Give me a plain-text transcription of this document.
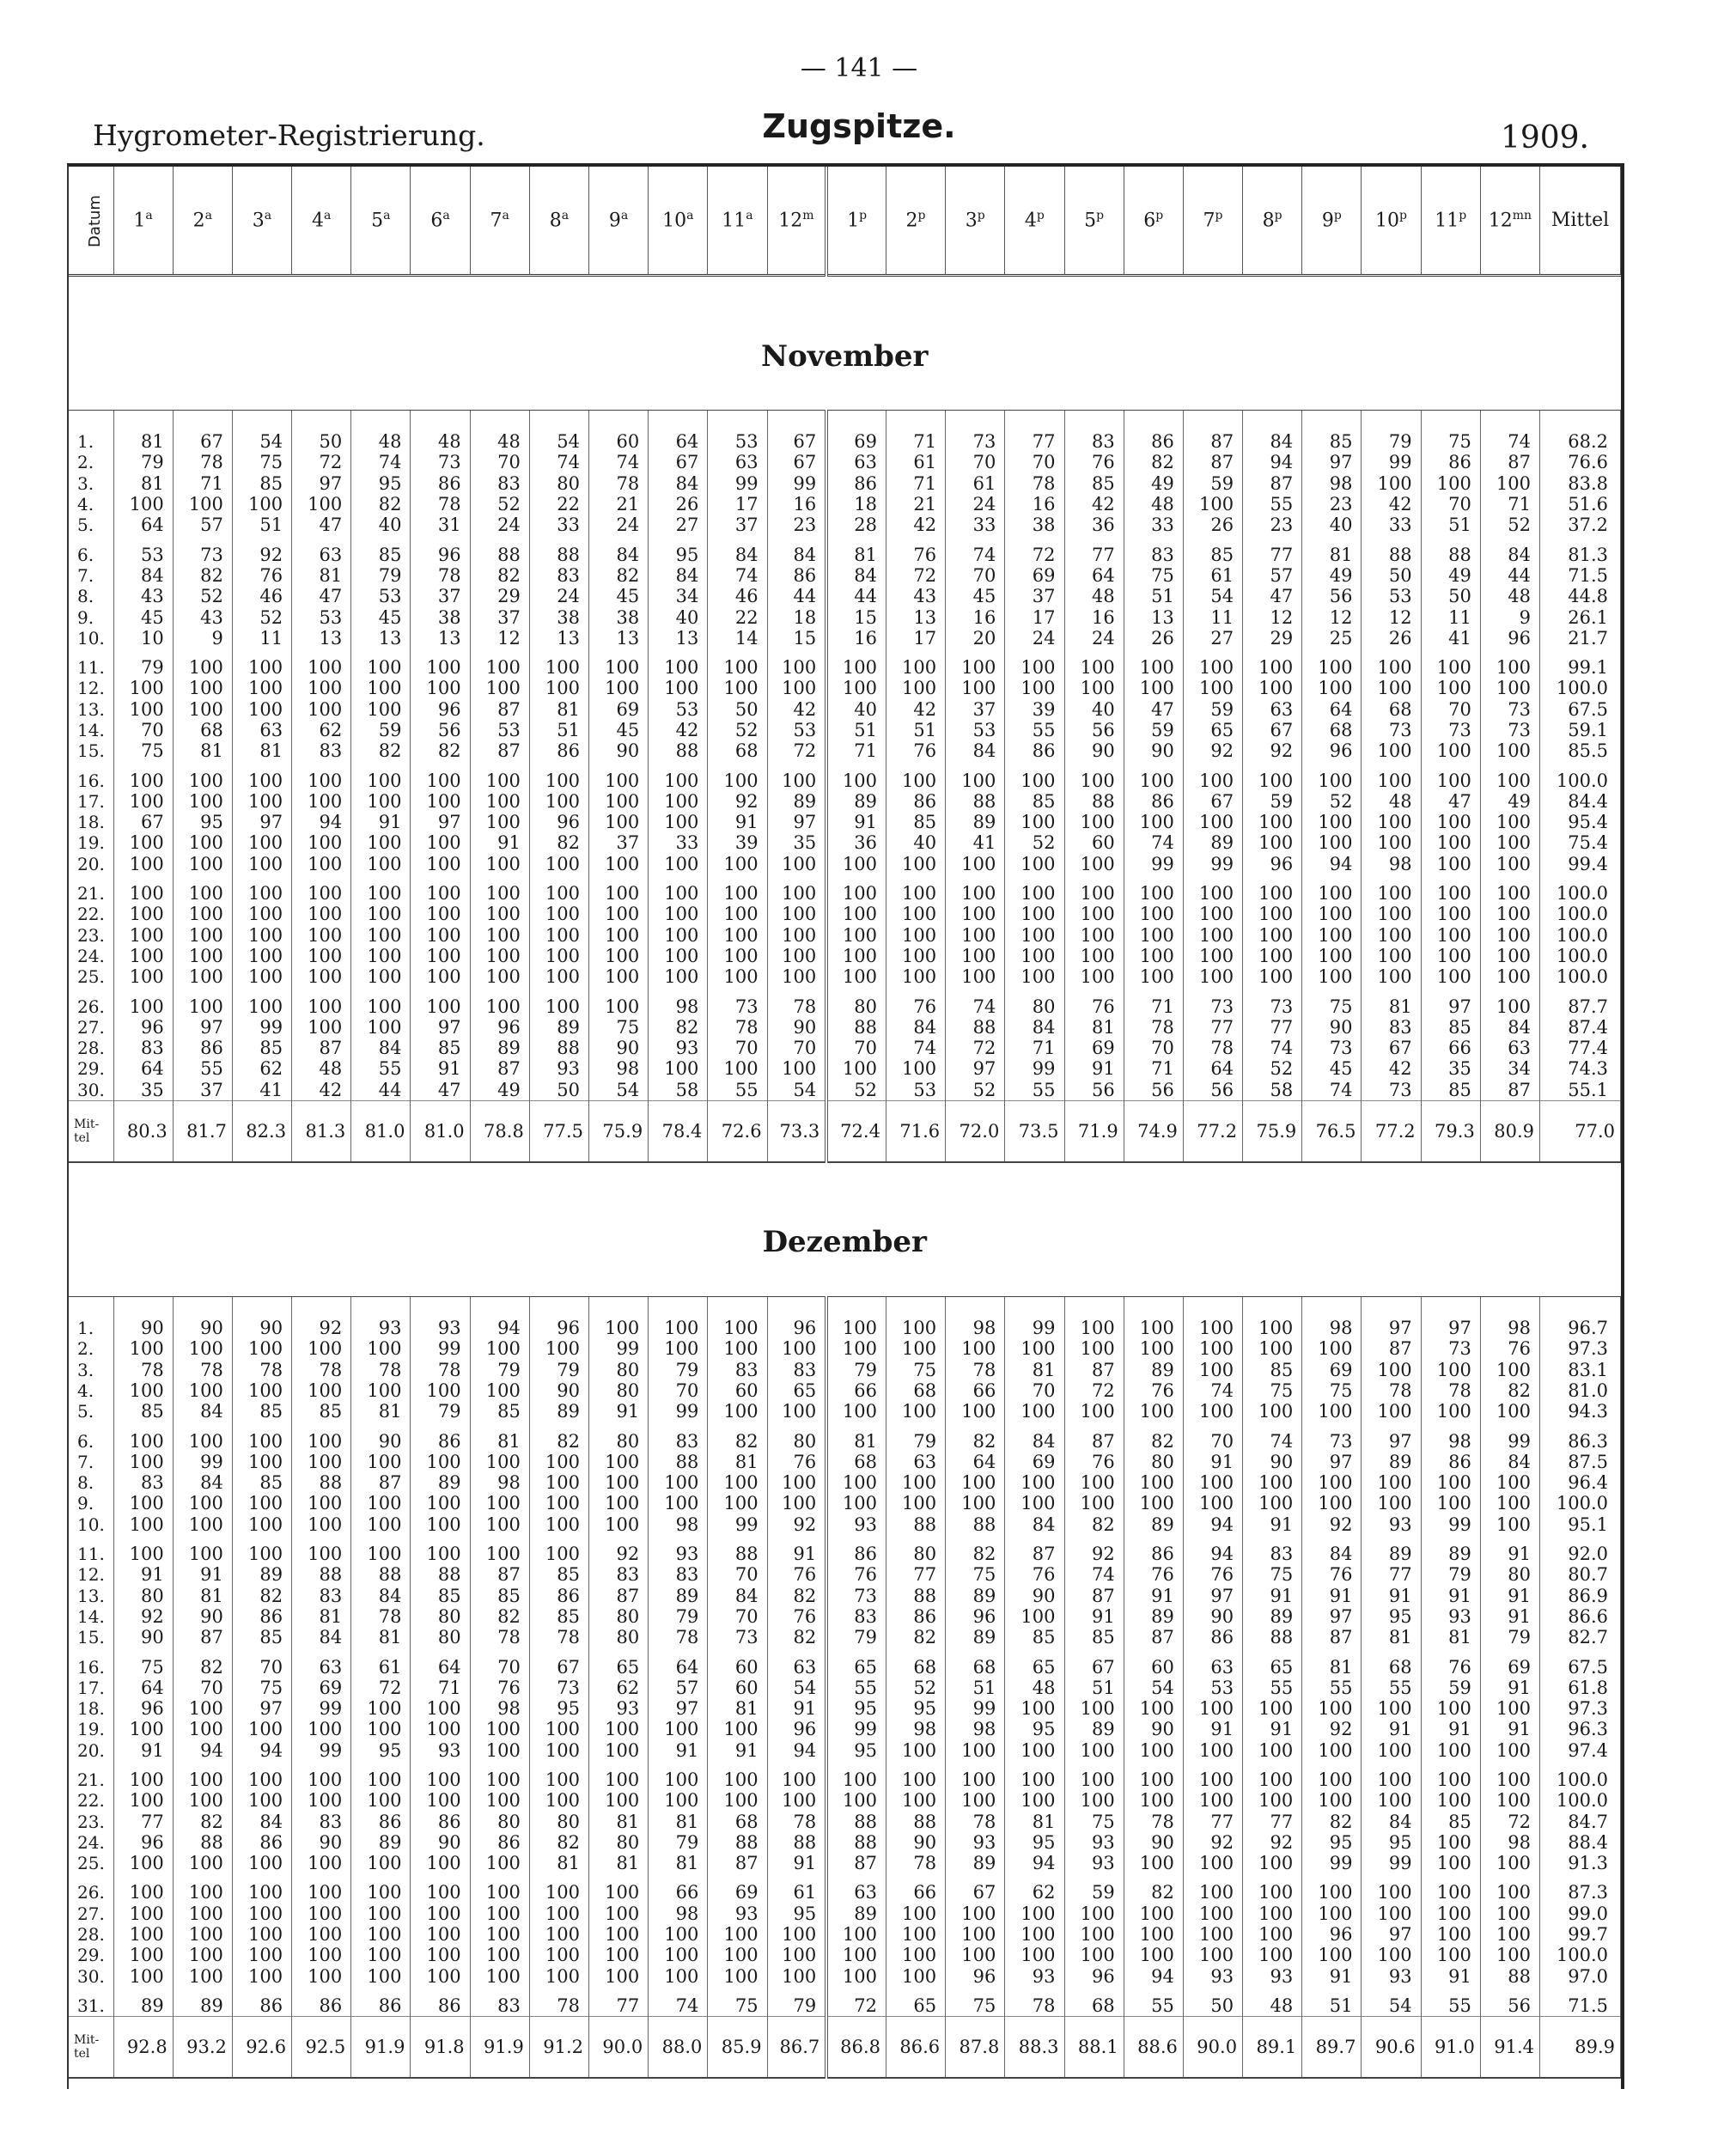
— 141 —
Hygrometer-Registrierung.	Zugspitze.	1909.
Datum	1$^a$	2$^a$	3$^a$	4$^a$	5$^a$	6$^a$	7$^a$	8$^a$	9$^a$	10$^a$	11$^a$	12$^m$	1$^p$	2$^p$	3$^p$	4$^p$	5$^p$	6$^p$	7$^p$	8$^p$	9$^p$	10$^p$	11$^p$	$12^{mn}$	Mittel
November																									
1.	81	67	54	50	48	48	48	54	60	64	53	67	69	71	73	77	83	86	87	84	85	79	75	74	68.2
2.	79	78	75	72	74	73	70	74	74	67	63	67	63	61	70	70	76	82	87	94	97	99	86	87	76.6
3.	81	71	85	97	95	86	83	80	78	84	99	99	86	71	61	78	85	49	59	87	98	100	100	100	83.8
4.	100	100	100	100	82	78	52	22	21	26	17	16	18	21	24	16	42	48	100	55	23	42	70	71	51.6
5.	64	57	51	47	40	31	24	33	24	27	37	23	28	42	33	38	36	33	26	23	40	33	51	52	37.2
6.	53	73	92	63	85	96	88	88	84	95	84	84	81	76	74	72	77	83	85	77	81	88	88	84	81.3
7.	84	82	76	81	79	78	82	83	82	84	74	86	84	72	70	69	64	75	61	57	49	50	49	44	71.5
8.	43	52	46	47	53	37	29	24	45	34	46	44	44	43	45	37	48	51	54	47	56	53	50	48	44.8
9.	45	43	52	53	45	38	37	38	38	40	22	18	15	13	16	17	16	13	11	12	12	12	11	9	26.1
10.	10	9	11	13	13	13	12	13	13	13	14	15	16	17	20	24	24	26	27	29	25	26	41	96	21.7
11.	79	100	100	100	100	100	100	100	100	100	100	100	100	100	100	100	100	100	100	100	100	100	100	100	99.1
12.	100	100	100	100	100	100	100	100	100	100	100	100	100	100	100	100	100	100	100	100	100	100	100	100	100.0
13.	100	100	100	100	100	96	87	81	69	53	50	42	40	42	37	39	40	47	59	63	64	68	70	73	67.5
14.	70	68	63	62	59	56	53	51	45	42	52	53	51	51	53	55	56	59	65	67	68	73	73	73	59.1
15.	75	81	81	83	82	82	87	86	90	88	68	72	71	76	84	86	90	90	92	92	96	100	100	100	85.5
16.	100	100	100	100	100	100	100	100	100	100	100	100	100	100	100	100	100	100	100	100	100	100	100	100	100.0
17.	100	100	100	100	100	100	100	100	100	100	92	89	89	86	88	85	88	86	67	59	52	48	47	49	84.4
18.	67	95	97	94	91	97	100	96	100	100	91	97	91	85	89	100	100	100	100	100	100	100	100	100	95.4
19.	100	100	100	100	100	100	91	82	37	33	39	35	36	40	41	52	60	74	89	100	100	100	100	100	75.4
20.	100	100	100	100	100	100	100	100	100	100	100	100	100	100	100	100	100	99	99	96	94	98	100	100	99.4
21.	100	100	100	100	100	100	100	100	100	100	100	100	100	100	100	100	100	100	100	100	100	100	100	100	100.0
22.	100	100	100	100	100	100	100	100	100	100	100	100	100	100	100	100	100	100	100	100	100	100	100	100	100.0
23.	100	100	100	100	100	100	100	100	100	100	100	100	100	100	100	100	100	100	100	100	100	100	100	100	100.0
24.	100	100	100	100	100	100	100	100	100	100	100	100	100	100	100	100	100	100	100	100	100	100	100	100	100.0
25.	100	100	100	100	100	100	100	100	100	100	100	100	100	100	100	100	100	100	100	100	100	100	100	100	100.0
26.	100	100	100	100	100	100	100	100	100	98	73	78	80	76	74	80	76	71	73	73	75	81	97	100	87.7
27.	96	97	99	100	100	97	96	89	75	82	78	90	88	84	88	84	81	78	77	77	90	83	85	84	87.4
28.	83	86	85	87	84	85	89	88	90	93	70	70	70	74	72	71	69	70	78	74	73	67	66	63	77.4
29.	64	55	62	48	55	91	87	93	98	100	100	100	100	100	97	99	91	71	64	52	45	42	35	34	74.3
30.	35	37	41	42	44	47	49	50	54	58	55	54	52	53	52	55	56	56	56	58	74	73	85	87	55.1
Mit-tel	80.3	81.7	82.3	81.3	81.0	81.0	78.8	77.5	75.9	78.4	72.6	73.3	72.4	71.6	72.0	73.5	71.9	74.9	77.2	75.9	76.5	77.2	79.3	80.9	77.0
Dezember																									
1.	90	90	90	92	93	93	94	96	100	100	100	96	100	100	98	99	100	100	100	100	98	97	97	98	96.7
2.	100	100	100	100	100	99	100	100	99	100	100	100	100	100	100	100	100	100	100	100	100	87	73	76	97.3
3.	78	78	78	78	78	78	79	79	80	79	83	83	79	75	78	81	87	89	100	85	69	100	100	100	83.1
4.	100	100	100	100	100	100	100	90	80	70	60	65	66	68	66	70	72	76	74	75	75	78	78	82	81.0
5.	85	84	85	85	81	79	85	89	91	99	100	100	100	100	100	100	100	100	100	100	100	100	100	100	94.3
6.	100	100	100	100	90	86	81	82	80	83	82	80	81	79	82	84	87	82	70	74	73	97	98	99	86.3
7.	100	99	100	100	100	100	100	100	100	88	81	76	68	63	64	69	76	80	91	90	97	89	86	84	87.5
8.	83	84	85	88	87	89	98	100	100	100	100	100	100	100	100	100	100	100	100	100	100	100	100	100	96.4
9.	100	100	100	100	100	100	100	100	100	100	100	100	100	100	100	100	100	100	100	100	100	100	100	100	100.0
10.	100	100	100	100	100	100	100	100	100	98	99	92	93	88	88	84	82	89	94	91	92	93	99	100	95.1
11.	100	100	100	100	100	100	100	100	92	93	88	91	86	80	82	87	92	86	94	83	84	89	89	91	92.0
12.	91	91	89	88	88	88	87	85	83	83	70	76	76	77	75	76	74	76	76	75	76	77	79	80	80.7
13.	80	81	82	83	84	85	85	86	87	89	84	82	73	88	89	90	87	91	97	91	91	91	91	91	86.9
14.	92	90	86	81	78	80	82	85	80	79	70	76	83	86	96	100	91	89	90	89	97	95	93	91	86.6
15.	90	87	85	84	81	80	78	78	80	78	73	82	79	82	89	85	85	87	86	88	87	81	81	79	82.7
16.	75	82	70	63	61	64	70	67	65	64	60	63	65	68	68	65	67	60	63	65	81	68	76	69	67.5
17.	64	70	75	69	72	71	76	73	62	57	60	54	55	52	51	48	51	54	53	55	55	55	59	91	61.8
18.	96	100	97	99	100	100	98	95	93	97	81	91	95	95	99	100	100	100	100	100	100	100	100	100	97.3
19.	100	100	100	100	100	100	100	100	100	100	100	96	99	98	98	95	89	90	91	91	92	91	91	91	96.3
20.	91	94	94	99	95	93	100	100	100	91	91	94	95	100	100	100	100	100	100	100	100	100	100	100	97.4
21.	100	100	100	100	100	100	100	100	100	100	100	100	100	100	100	100	100	100	100	100	100	100	100	100	100.0
22.	100	100	100	100	100	100	100	100	100	100	100	100	100	100	100	100	100	100	100	100	100	100	100	100	100.0
23.	77	82	84	83	86	86	80	80	81	81	68	78	88	88	78	81	75	78	77	77	82	84	85	72	84.7
24.	96	88	86	90	89	90	86	82	80	79	88	88	88	90	93	95	93	90	92	92	95	95	100	98	88.4
25.	100	100	100	100	100	100	100	81	81	81	87	91	87	78	89	94	93	100	100	100	99	99	100	100	91.3
26.	100	100	100	100	100	100	100	100	100	66	69	61	63	66	67	62	59	82	100	100	100	100	100	100	87.3
27.	100	100	100	100	100	100	100	100	100	98	93	95	89	100	100	100	100	100	100	100	100	100	100	100	99.0
28.	100	100	100	100	100	100	100	100	100	100	100	100	100	100	100	100	100	100	100	100	96	97	100	100	99.7
29.	100	100	100	100	100	100	100	100	100	100	100	100	100	100	100	100	100	100	100	100	100	100	100	100	100.0
30.	100	100	100	100	100	100	100	100	100	100	100	100	100	100	96	93	96	94	93	93	91	93	91	88	97.0
31.	89	89	86	86	86	86	83	78	77	74	75	79	72	65	75	78	68	55	50	48	51	54	55	56	71.5
Mit-tel	92.8	93.2	92.6	92.5	91.9	91.8	91.9	91.2	90.0	88.0	85.9	86.7	86.8	86.6	87.8	88.3	88.1	88.6	90.0	89.1	89.7	90.6	91.0	91.4	89.9
